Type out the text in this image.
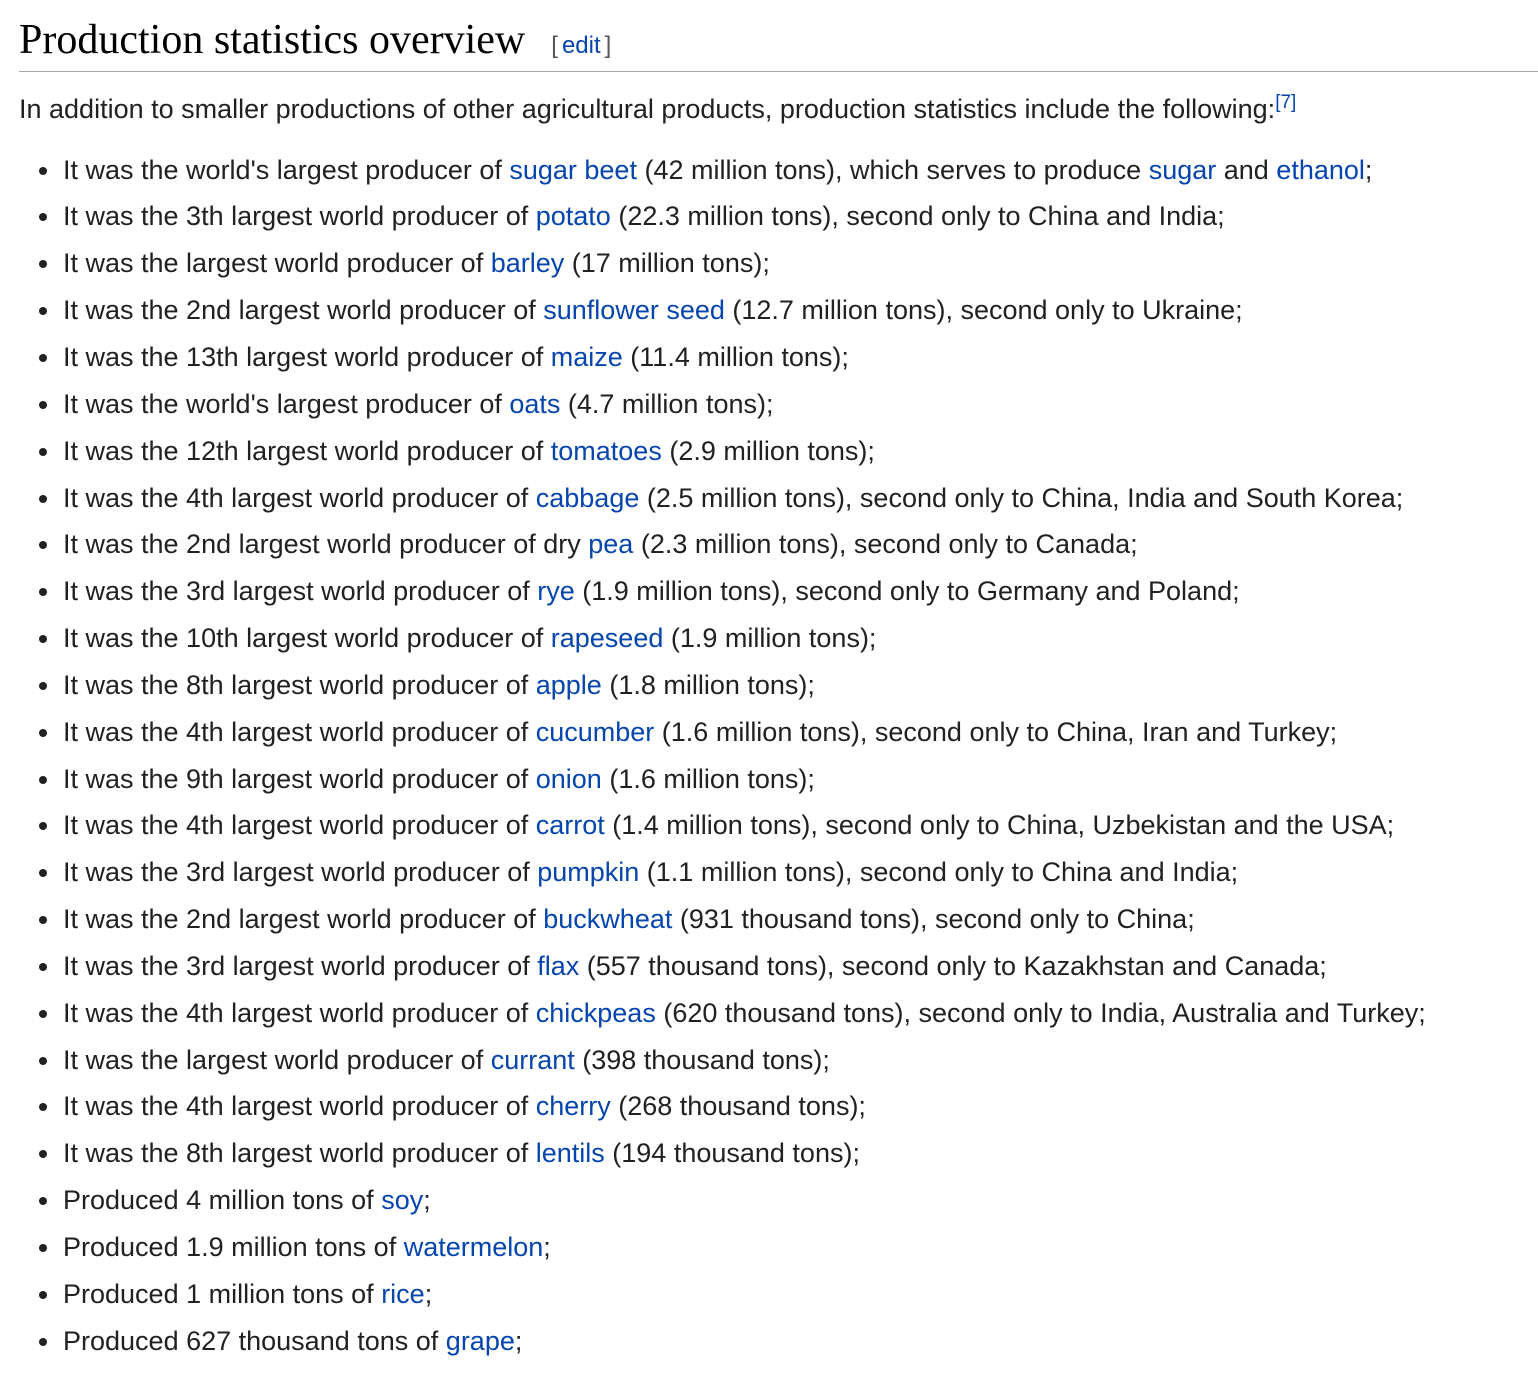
Production statistics overview [ edit ]

In addition to smaller productions of other agricultural products, production statistics include the following:[7]

It was the world's largest producer of sugar beet (42 million tons), which serves to produce sugar and ethanol;
It was the 3th largest world producer of potato (22.3 million tons), second only to China and India;
It was the largest world producer of barley (17 million tons);
It was the 2nd largest world producer of sunflower seed (12.7 million tons), second only to Ukraine;
It was the 13th largest world producer of maize (11.4 million tons);
It was the world's largest producer of oats (4.7 million tons);
It was the 12th largest world producer of tomatoes (2.9 million tons);
It was the 4th largest world producer of cabbage (2.5 million tons), second only to China, India and South Korea;
It was the 2nd largest world producer of dry pea (2.3 million tons), second only to Canada;
It was the 3rd largest world producer of rye (1.9 million tons), second only to Germany and Poland;
It was the 10th largest world producer of rapeseed (1.9 million tons);
It was the 8th largest world producer of apple (1.8 million tons);
It was the 4th largest world producer of cucumber (1.6 million tons), second only to China, Iran and Turkey;
It was the 9th largest world producer of onion (1.6 million tons);
It was the 4th largest world producer of carrot (1.4 million tons), second only to China, Uzbekistan and the USA;
It was the 3rd largest world producer of pumpkin (1.1 million tons), second only to China and India;
It was the 2nd largest world producer of buckwheat (931 thousand tons), second only to China;
It was the 3rd largest world producer of flax (557 thousand tons), second only to Kazakhstan and Canada;
It was the 4th largest world producer of chickpeas (620 thousand tons), second only to India, Australia and Turkey;
It was the largest world producer of currant (398 thousand tons);
It was the 4th largest world producer of cherry (268 thousand tons);
It was the 8th largest world producer of lentils (194 thousand tons);
Produced 4 million tons of soy;
Produced 1.9 million tons of watermelon;
Produced 1 million tons of rice;
Produced 627 thousand tons of grape;
